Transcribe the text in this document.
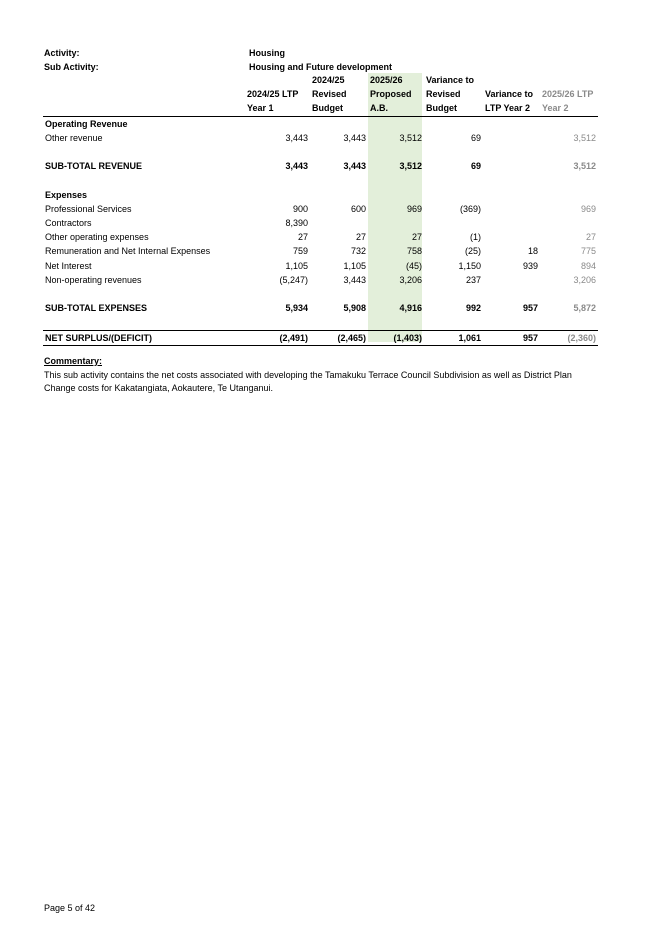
Activity:	Housing
Sub Activity:	Housing and Future development
		2024/25	2025/26	Variance to		
	2024/25 LTP	Revised	Proposed	Revised	Variance to	2025/26 LTP
	Year 1	Budget	A.B.	Budget	LTP Year 2	Year 2
Operating Revenue						
Other revenue	3,443	3,443	3,512	69		3,512

SUB-TOTAL REVENUE	3,443	3,443	3,512	69		3,512

Expenses						
Professional Services	900	600	969	(369)		969
Contractors	8,390					
Other operating expenses	27	27	27	(1)		27
Remuneration and Net Internal Expenses	759	732	758	(25)	18	775
Net Interest	1,105	1,105	(45)	1,150	939	894
Non-operating revenues	(5,247)	3,443	3,206	237		3,206

SUB-TOTAL EXPENSES	5,934	5,908	4,916	992	957	5,872

NET SURPLUS/(DEFICIT)	(2,491)	(2,465)	(1,403)	1,061	957	(2,360)
Commentary:
This sub activity contains the net costs associated with developing the Tamakuku Terrace Council Subdivision as well as District Plan Change costs for Kakatangiata, Aokautere, Te Utanganui.
Page 5 of 42
